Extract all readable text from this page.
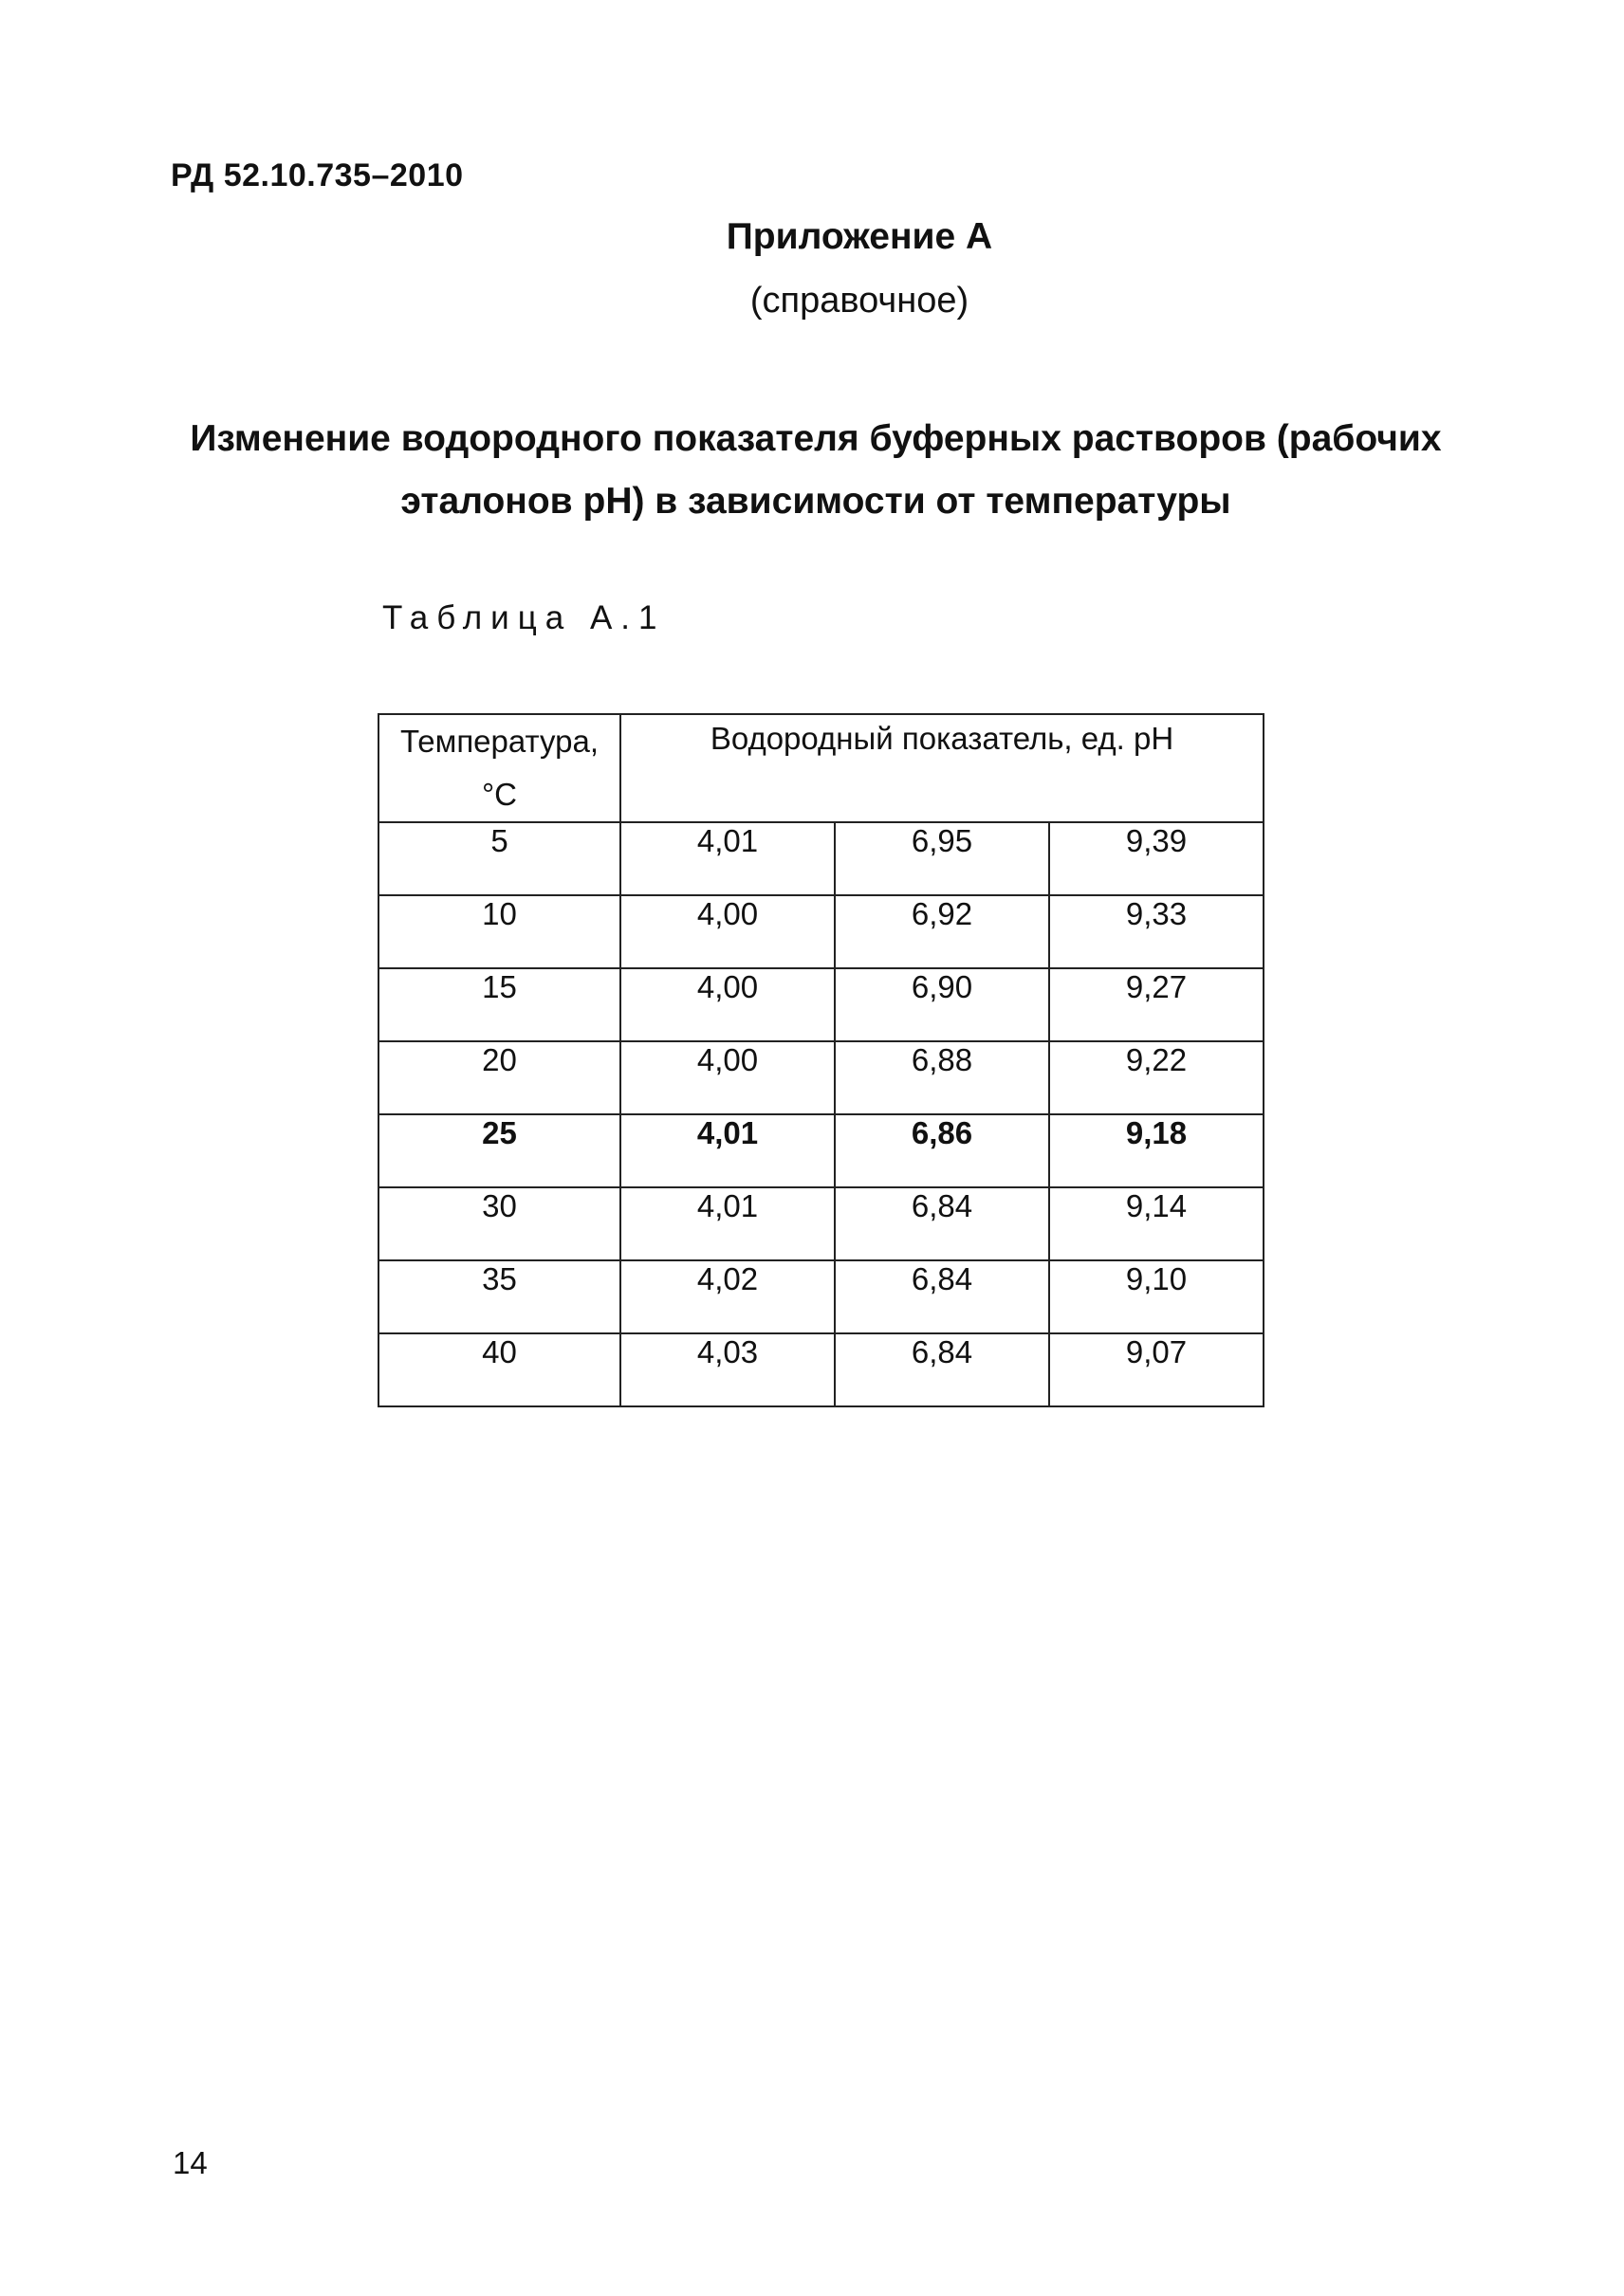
РД 52.10.735–2010
Приложение А
(справочное)
Изменение водородного показателя буферных растворов (рабочих
эталонов рН) в зависимости от температуры
Таблица А.1
Температура,
°С	Водородный показатель, ед. рН		
5	4,01	6,95	9,39
10	4,00	6,92	9,33
15	4,00	6,90	9,27
20	4,00	6,88	9,22
25	4,01	6,86	9,18
30	4,01	6,84	9,14
35	4,02	6,84	9,10
40	4,03	6,84	9,07
14
